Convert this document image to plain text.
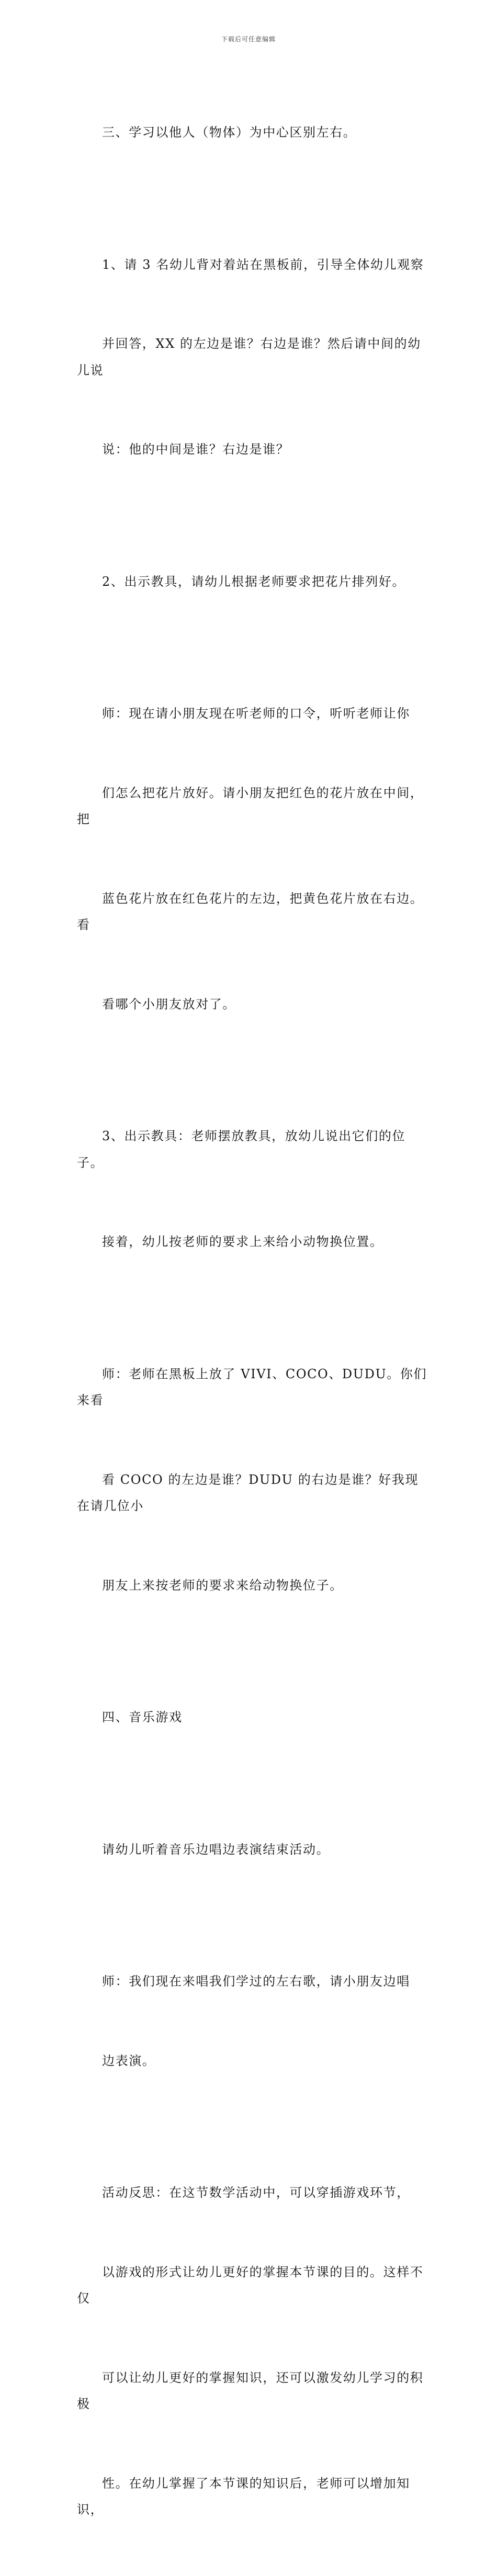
下载后可任意编辑

三、学习以他人（物体）为中心区别左右。

1、请 3 名幼儿背对着站在黑板前，引导全体幼儿观察

并回答，XX 的左边是谁？右边是谁？然后请中间的幼儿说

说：他的中间是谁？右边是谁？

2、出示教具，请幼儿根据老师要求把花片排列好。

师：现在请小朋友现在听老师的口令，听听老师让你

们怎么把花片放好。请小朋友把红色的花片放在中间，把

蓝色花片放在红色花片的左边，把黄色花片放在右边。看

看哪个小朋友放对了。

3、出示教具：老师摆放教具，放幼儿说出它们的位子。

接着，幼儿按老师的要求上来给小动物换位置。

师：老师在黑板上放了 VIVI、COCO、DUDU。你们来看

看 COCO 的左边是谁？DUDU 的右边是谁？好我现在请几位小

朋友上来按老师的要求来给动物换位子。

四、音乐游戏

请幼儿听着音乐边唱边表演结束活动。

师：我们现在来唱我们学过的左右歌，请小朋友边唱

边表演。

活动反思：在这节数学活动中，可以穿插游戏环节，

以游戏的形式让幼儿更好的掌握本节课的目的。这样不仅

可以让幼儿更好的掌握知识，还可以激发幼儿学习的积极

性。在幼儿掌握了本节课的知识后，老师可以增加知识，
